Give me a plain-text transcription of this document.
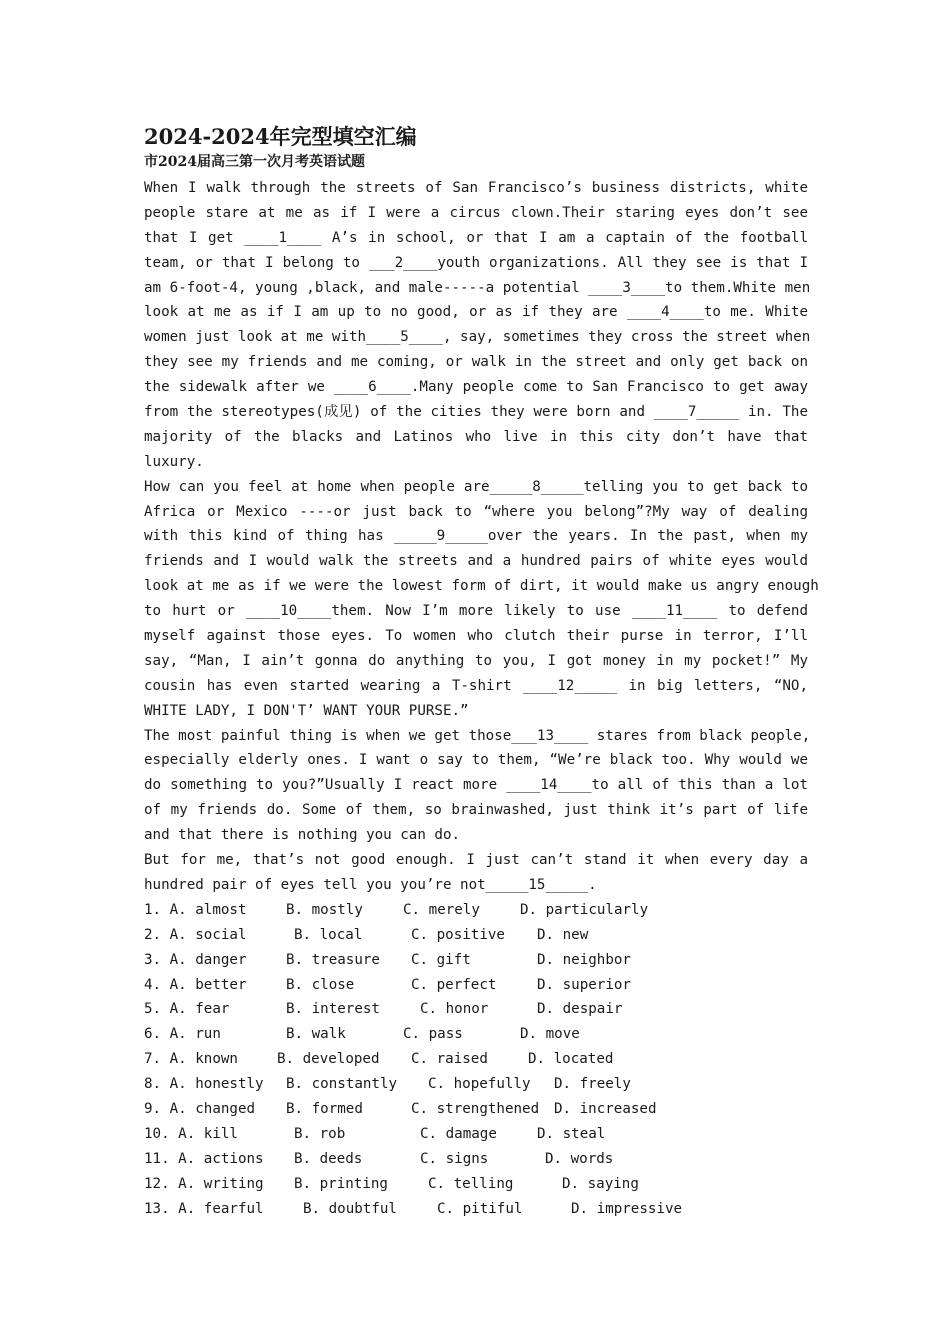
2024-2024年完型填空汇编
市2024届高三第一次月考英语试题
When I walk through the streets of San Francisco’s business districts, white
people stare at me as if I were a circus clown.Their staring eyes don’t see
that I get ____1____ A’s in school, or that I am a captain of the football
team, or that I belong to ___2____youth organizations. All they see is that I
am 6-foot-4, young ,black, and male-----a potential ____3____to them.White men
look at me as if I am up to no good, or as if they are ____4____to me. White
women just look at me with____5____, say, sometimes they cross the street when
they see my friends and me coming, or walk in the street and only get back on
the sidewalk after we ____6____.Many people come to San Francisco to get away
from the stereotypes(成见) of the cities they were born and ____7_____ in. The
majority of the blacks and Latinos who live in this city don’t have that
luxury.
How can you feel at home when people are_____8_____telling you to get back to
Africa or Mexico ----or just back to “where you belong”?My way of dealing
with this kind of thing has _____9_____over the years. In the past, when my
friends and I would walk the streets and a hundred pairs of white eyes would
look at me as if we were the lowest form of dirt, it would make us angry enough
to hurt or ____10____them. Now I’m more likely to use ____11____ to defend
myself against those eyes. To women who clutch their purse in terror, I’ll
say, “Man, I ain’t gonna do anything to you, I got money in my pocket!” My
cousin has even started wearing a T-shirt ____12_____ in big letters, “NO,
WHITE LADY, I DON'T’ WANT YOUR PURSE.”
The most painful thing is when we get those___13____ stares from black people,
especially elderly ones. I want o say to them, “We’re black too. Why would we
do something to you?”Usually I react more ____14____to all of this than a lot
of my friends do. Some of them, so brainwashed, just think it’s part of life
and that there is nothing you can do.
But for me, that’s not good enough. I just can’t stand it when every day a
hundred pair of eyes tell you you’re not_____15_____.
1. A. almost	B. mostly	C. merely	D. particularly
2. A. social	B. local	C. positive D. new
3. A. danger	B. treasure C. gift	D. neighbor
4. A. better	B. close	C. perfect	D. superior
5. A. fear	B. interest	C. honor	D. despair
6. A. run	B. walk	C. pass	D. move
7. A. known	B. developed C. raised	D. located
8. A. honestly B. constantly C. hopefully D. freely
9. A. changed B. formed	C. strengthened D. increased
10. A. kill	B. rob	C. damage	D. steal
11. A. actions B. deeds	C. signs	D. words
12. A. writing B. printing	C. telling	D. saying
13. A. fearful	B. doubtful	C. pitiful	D. impressive
